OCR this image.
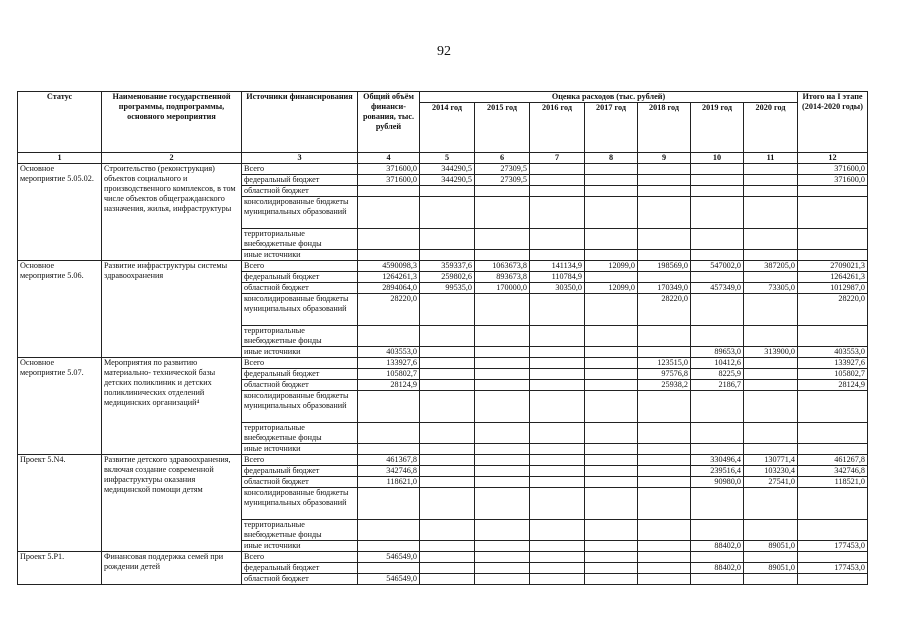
92
Статус	Наименование государственной программы, подпрограммы, основного мероприятия	Источники финансирования	Общий объём финанси-рования, тыс. рублей	Оценка расходов (тыс. рублей)							Итого на I этапе (2014-2020 годы)
				2014 год	2015 год	2016 год	2017 год	2018 год	2019 год	2020 год	
1	2	3	4	5	6	7	8	9	10	11	12
Основное мероприятие 5.05.02.	Строительство (реконструкция) объектов социального и производственного комплексов, в том числе объектов общегражданского назначения, жилья, инфраструктуры	Всего	371600,0	344290,5	27309,5						371600,0
		федеральный бюджет	371600,0	344290,5	27309,5						371600,0
		областной бюджет									
		консолидированные бюджеты муниципальных образований									
		территориальные внебюджетные фонды									
		иные источники									
Основное мероприятие 5.06.	Развитие инфраструктуры системы здравоохранения	Всего	4590098,3	359337,6	1063673,8	141134,9	12099,0	198569,0	547002,0	387205,0	2709021,3
		федеральный бюджет	1264261,3	259802,6	893673,8	110784,9					1264261,3
		областной бюджет	2894064,0	99535,0	170000,0	30350,0	12099,0	170349,0	457349,0	73305,0	1012987,0
		консолидированные бюджеты муниципальных образований	28220,0					28220,0			28220,0
		территориальные внебюджетные фонды									
		иные источники	403553,0						89653,0	313900,0	403553,0
Основное мероприятие 5.07.	Мероприятия по развитию материально- технической базы детских поликлиник и детских поликлинических отделений медицинских организаций⁴	Всего	133927,6					123515,0	10412,6		133927,6
		федеральный бюджет	105802,7					97576,8	8225,9		105802,7
		областной бюджет	28124,9					25938,2	2186,7		28124,9
		консолидированные бюджеты муниципальных образований									
		территориальные внебюджетные фонды									
		иные источники									
Проект 5.N4.	Развитие детского здравоохранения, включая создание современной инфраструктуры оказания медицинской помощи детям	Всего	461367,8						330496,4	130771,4	461267,8
		федеральный бюджет	342746,8						239516,4	103230,4	342746,8
		областной бюджет	118621,0						90980,0	27541,0	118521,0
		консолидированные бюджеты муниципальных образований									
		территориальные внебюджетные фонды									
		иные источники							88402,0	89051,0	177453,0
Проект 5.Р1.	Финансовая поддержка семей при рождении детей	Всего	546549,0								
		федеральный бюджет							88402,0	89051,0	177453,0
		областной бюджет	546549,0								
